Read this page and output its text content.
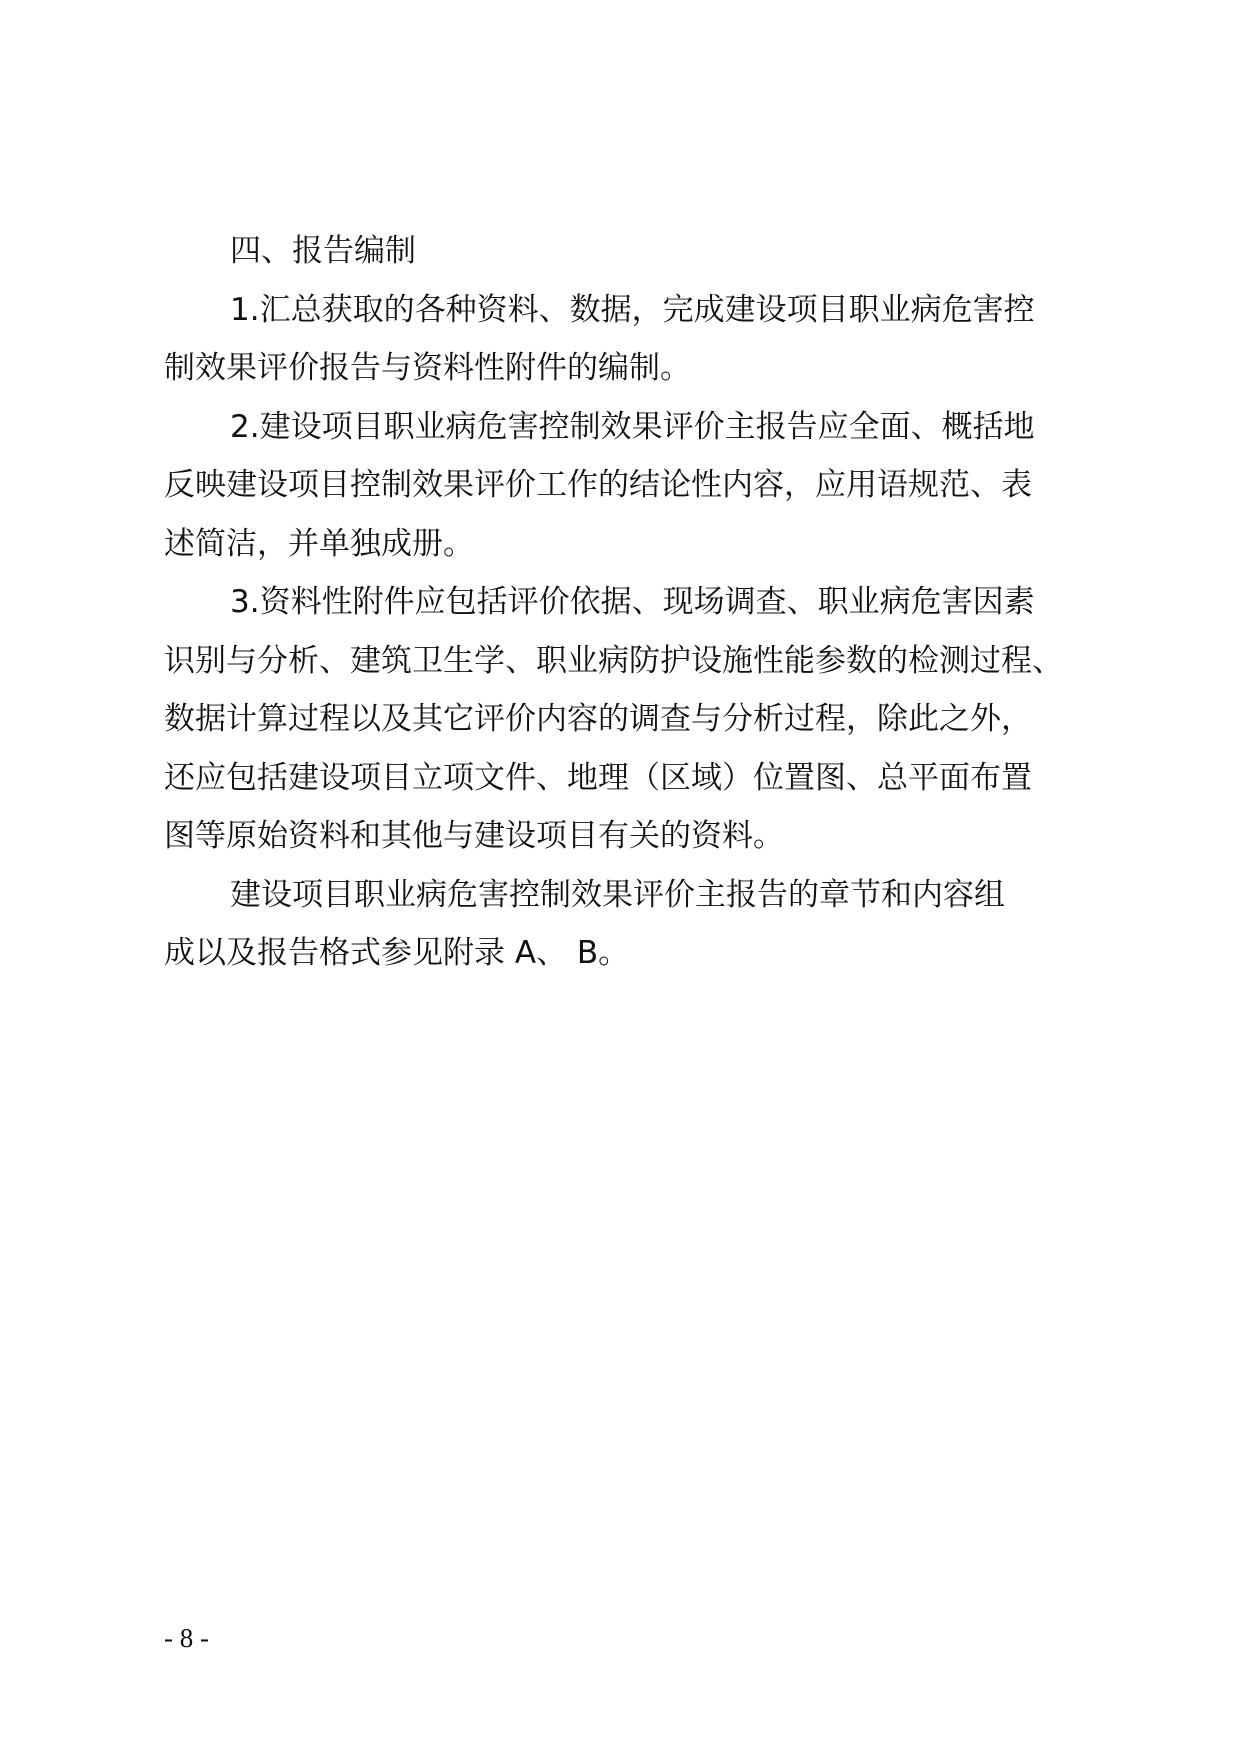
四、报告编制
1.汇总获取的各种资料、数据，完成建设项目职业病危害控
制效果评价报告与资料性附件的编制。
2.建设项目职业病危害控制效果评价主报告应全面、概括地
反映建设项目控制效果评价工作的结论性内容，应用语规范、表
述简洁，并单独成册。
3.资料性附件应包括评价依据、现场调查、职业病危害因素
识别与分析、建筑卫生学、职业病防护设施性能参数的检测过程、
数据计算过程以及其它评价内容的调查与分析过程，除此之外，
还应包括建设项目立项文件、地理（区域）位置图、总平面布置
图等原始资料和其他与建设项目有关的资料。
建设项目职业病危害控制效果评价主报告的章节和内容组
成以及报告格式参见附录 A、 B。
- 8 -
